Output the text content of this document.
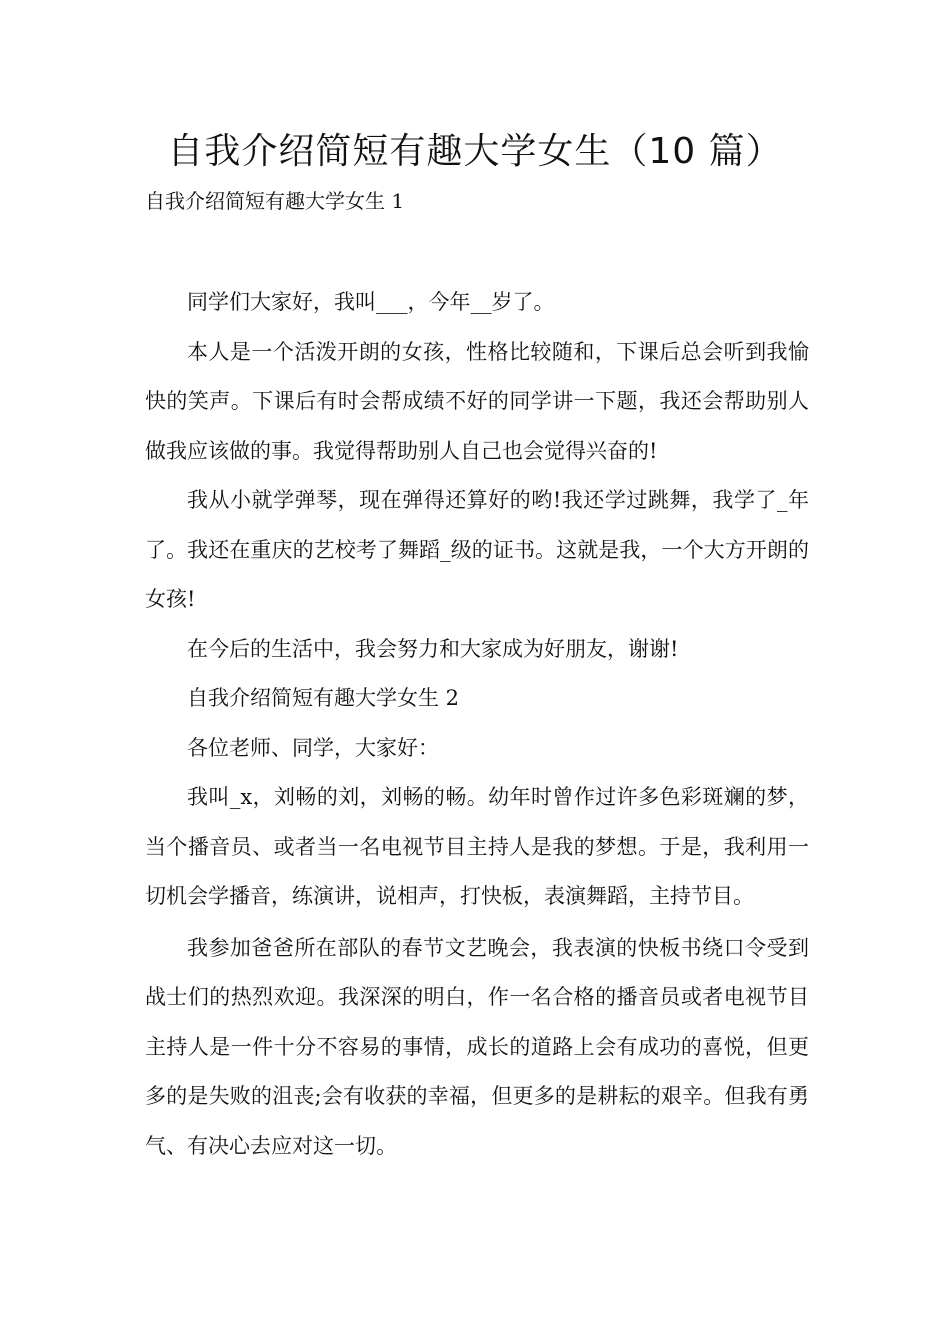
自我介绍简短有趣大学女生（10 篇）

自我介绍简短有趣大学女生 1

同学们大家好，我叫___，今年__岁了。

本人是一个活泼开朗的女孩，性格比较随和，下课后总会听到我愉快的笑声。下课后有时会帮成绩不好的同学讲一下题，我还会帮助别人做我应该做的事。我觉得帮助别人自己也会觉得兴奋的!

我从小就学弹琴，现在弹得还算好的哟!我还学过跳舞，我学了_年了。我还在重庆的艺校考了舞蹈_级的证书。这就是我，一个大方开朗的女孩!

在今后的生活中，我会努力和大家成为好朋友，谢谢!

自我介绍简短有趣大学女生 2

各位老师、同学，大家好：

我叫_x，刘畅的刘，刘畅的畅。幼年时曾作过许多色彩斑斓的梦，当个播音员、或者当一名电视节目主持人是我的梦想。于是，我利用一切机会学播音，练演讲，说相声，打快板，表演舞蹈，主持节目。

我参加爸爸所在部队的春节文艺晚会，我表演的快板书绕口令受到战士们的热烈欢迎。我深深的明白，作一名合格的播音员或者电视节目主持人是一件十分不容易的事情，成长的道路上会有成功的喜悦，但更多的是失败的沮丧;会有收获的幸福，但更多的是耕耘的艰辛。但我有勇气、有决心去应对这一切。
